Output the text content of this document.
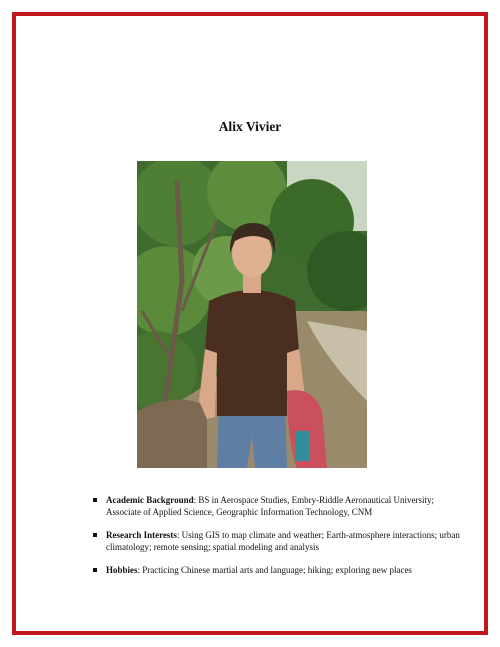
Alix Vivier
Academic Background: BS in Aerospace Studies, Embry-Riddle Aeronautical University; Associate of Applied Science, Geographic Information Technology, CNM
Research Interests: Using GIS to map climate and weather; Earth-atmosphere interactions; urban climatology; remote sensing; spatial modeling and analysis
Hobbies: Practicing Chinese martial arts and language; hiking; exploring new places
